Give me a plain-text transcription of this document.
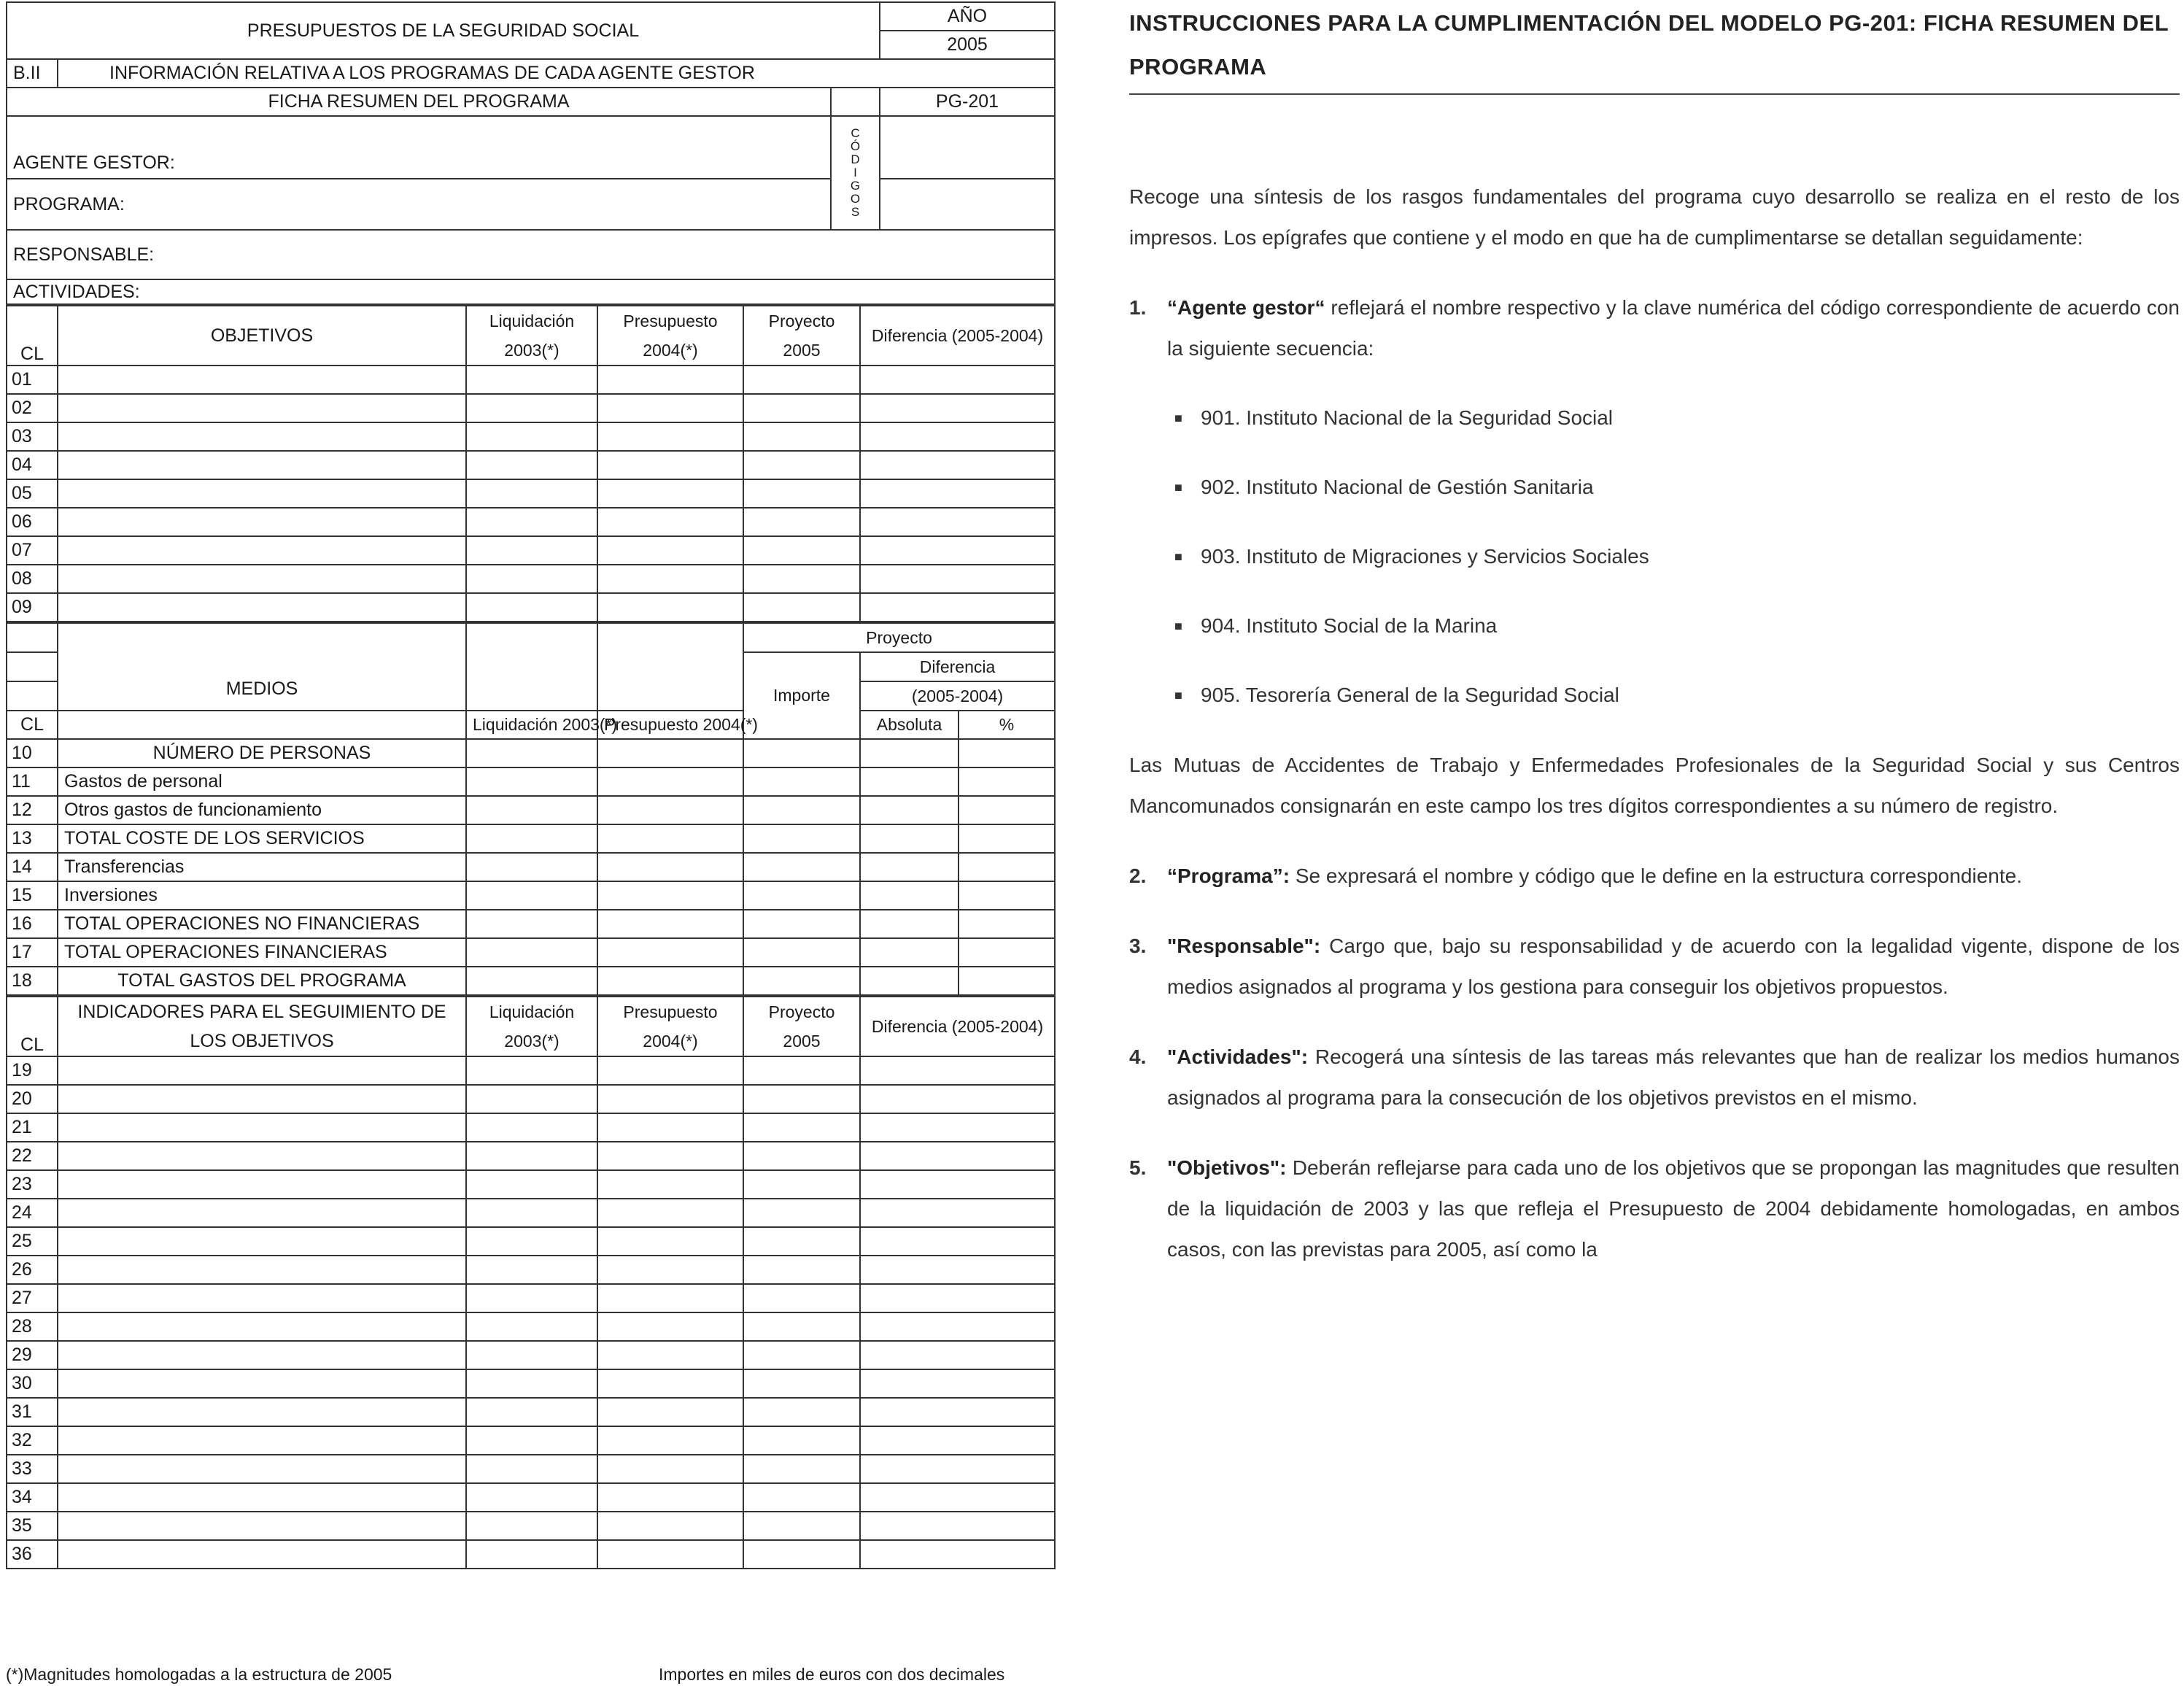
PRESUPUESTOS DE LA SEGURIDAD SOCIAL			AÑO
			2005
B.II	INFORMACIÓN RELATIVA A LOS PROGRAMAS DE CADA AGENTE GESTOR		
FICHA RESUMEN DEL PROGRAMA			PG-201
AGENTE GESTOR:		CÓDIGOS	
PROGRAMA:			
RESPONSABLE:			
ACTIVIDADES:			
CL	OBJETIVOS	Liquidación 2003(*)	Presupuesto 2004(*)	Proyecto 2005	Diferencia (2005-2004)
01					
02					
03					
04					
05					
06					
07					
08					
09					
	MEDIOS			Proyecto		
				Importe	Diferencia	
					(2005-2004)	
CL		Liquidación 2003(*)	Presupuesto 2004(*)		Absoluta	%
10	NÚMERO DE PERSONAS					
11	Gastos de personal					
12	Otros gastos de funcionamiento					
13	TOTAL COSTE DE LOS SERVICIOS					
14	Transferencias					
15	Inversiones					
16	TOTAL OPERACIONES NO FINANCIERAS					
17	TOTAL OPERACIONES FINANCIERAS					
18	TOTAL GASTOS DEL PROGRAMA					
CL	INDICADORES PARA EL SEGUIMIENTO DE LOS OBJETIVOS	Liquidación 2003(*)	Presupuesto 2004(*)	Proyecto 2005	Diferencia (2005-2004)
19					
20					
21					
22					
23					
24					
25					
26					
27					
28					
29					
30					
31					
32					
33					
34					
35					
36					
(*)Magnitudes homologadas a la estructura de 2005	Importes en miles de euros con dos decimales
INSTRUCCIONES PARA LA CUMPLIMENTACIÓN DEL MODELO PG-201: FICHA RESUMEN DEL PROGRAMA

Recoge una síntesis de los rasgos fundamentales del programa cuyo desarrollo se realiza en el resto de los impresos. Los epígrafes que contiene y el modo en que ha de cumplimentarse se detallan seguidamente:

1. “Agente gestor“ reflejará el nombre respectivo y la clave numérica del código correspondiente de acuerdo con la siguiente secuencia:
■ 901. Instituto Nacional de la Seguridad Social
■ 902. Instituto Nacional de Gestión Sanitaria
■ 903. Instituto de Migraciones y Servicios Sociales
■ 904. Instituto Social de la Marina
■ 905. Tesorería General de la Seguridad Social

Las Mutuas de Accidentes de Trabajo y Enfermedades Profesionales de la Seguridad Social y sus Centros Mancomunados consignarán en este campo los tres dígitos correspondientes a su número de registro.

2. “Programa”: Se expresará el nombre y código que le define en la estructura correspondiente.
3. "Responsable": Cargo que, bajo su responsabilidad y de acuerdo con la legalidad vigente, dispone de los medios asignados al programa y los gestiona para conseguir los objetivos propuestos.
4. "Actividades": Recogerá una síntesis de las tareas más relevantes que han de realizar los medios humanos asignados al programa para la consecución de los objetivos previstos en el mismo.
5. "Objetivos": Deberán reflejarse para cada uno de los objetivos que se propongan las magnitudes que resulten de la liquidación de 2003 y las que refleja el Presupuesto de 2004 debidamente homologadas, en ambos casos, con las previstas para 2005, así como la
